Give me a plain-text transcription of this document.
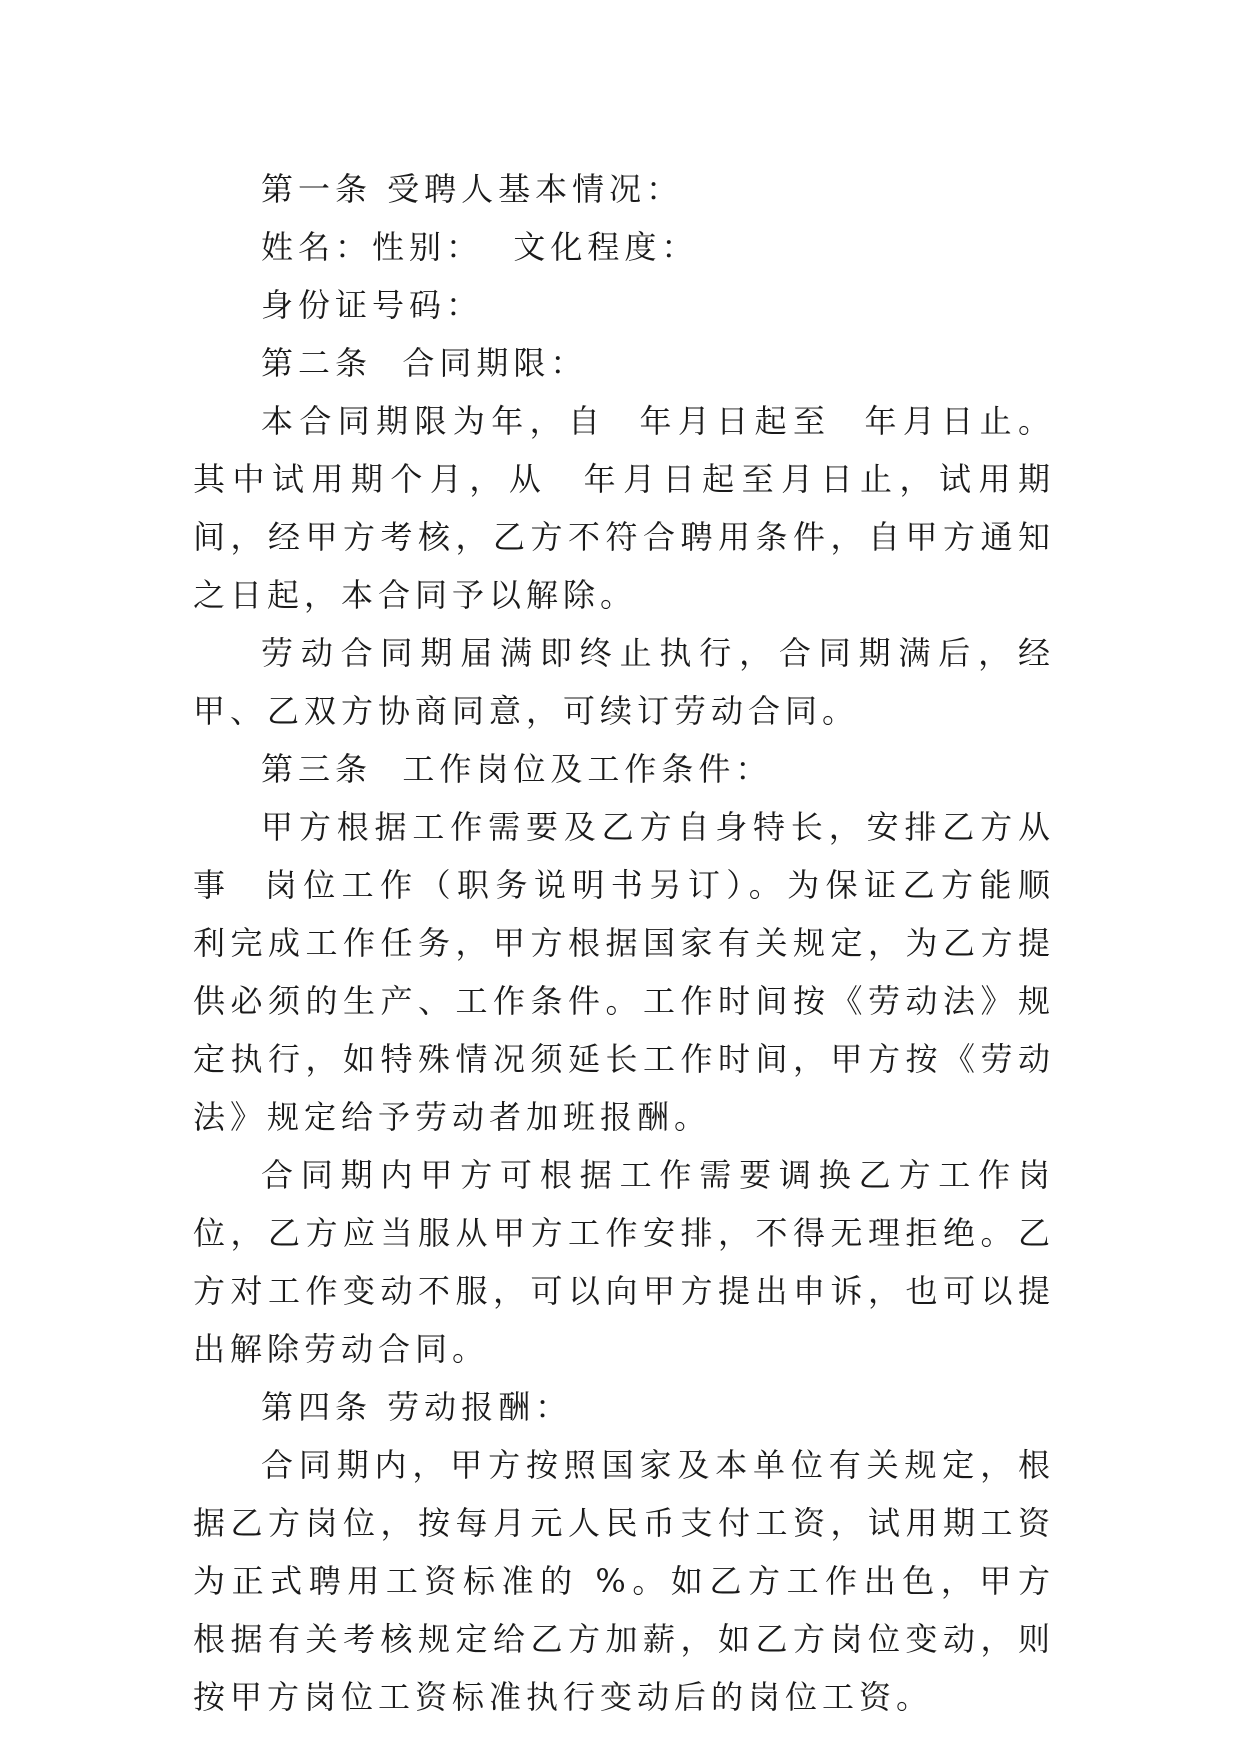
第一条 受聘人基本情况：

姓名：性别：  文化程度：

身份证号码：

第二条  合同期限：

本合同期限为年，自  年月日起至  年月日止。其中试用期个月，从  年月日起至月日止，试用期间，经甲方考核，乙方不符合聘用条件，自甲方通知之日起，本合同予以解除。

劳动合同期届满即终止执行，合同期满后，经甲、乙双方协商同意，可续订劳动合同。

第三条  工作岗位及工作条件：

甲方根据工作需要及乙方自身特长，安排乙方从事  岗位工作（职务说明书另订）。为保证乙方能顺利完成工作任务，甲方根据国家有关规定，为乙方提供必须的生产、工作条件。工作时间按《劳动法》规定执行，如特殊情况须延长工作时间，甲方按《劳动法》规定给予劳动者加班报酬。

合同期内甲方可根据工作需要调换乙方工作岗位，乙方应当服从甲方工作安排，不得无理拒绝。乙方对工作变动不服，可以向甲方提出申诉，也可以提出解除劳动合同。

第四条 劳动报酬：

合同期内，甲方按照国家及本单位有关规定，根据乙方岗位，按每月元人民币支付工资，试用期工资为正式聘用工资标准的 %。如乙方工作出色，甲方根据有关考核规定给乙方加薪，如乙方岗位变动，则按甲方岗位工资标准执行变动后的岗位工资。
